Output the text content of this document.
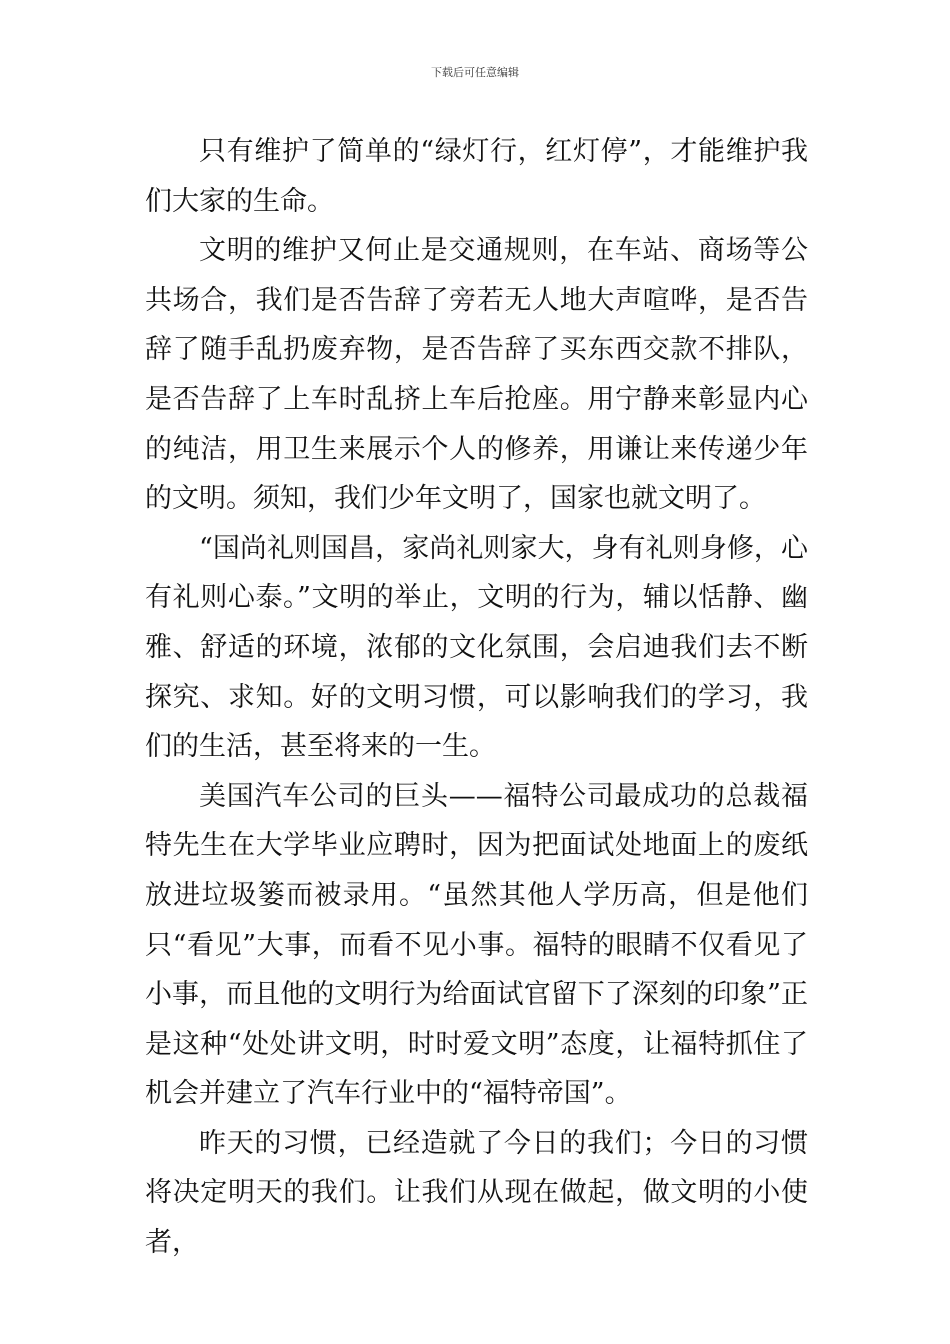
下载后可任意编辑

只有维护了简单的“绿灯行，红灯停”，才能维护我们大家的生命。

文明的维护又何止是交通规则，在车站、商场等公共场合，我们是否告辞了旁若无人地大声喧哗，是否告辞了随手乱扔废弃物，是否告辞了买东西交款不排队，是否告辞了上车时乱挤上车后抢座。用宁静来彰显内心的纯洁，用卫生来展示个人的修养，用谦让来传递少年的文明。须知，我们少年文明了，国家也就文明了。

“国尚礼则国昌，家尚礼则家大，身有礼则身修，心有礼则心泰。”文明的举止，文明的行为，辅以恬静、幽雅、舒适的环境，浓郁的文化氛围，会启迪我们去不断探究、求知。好的文明习惯，可以影响我们的学习，我们的生活，甚至将来的一生。

美国汽车公司的巨头——福特公司最成功的总裁福特先生在大学毕业应聘时，因为把面试处地面上的废纸放进垃圾篓而被录用。“虽然其他人学历高，但是他们只“看见”大事，而看不见小事。福特的眼睛不仅看见了小事，而且他的文明行为给面试官留下了深刻的印象”正是这种“处处讲文明，时时爱文明”态度，让福特抓住了机会并建立了汽车行业中的“福特帝国”。

昨天的习惯，已经造就了今日的我们；今日的习惯将决定明天的我们。让我们从现在做起，做文明的小使者，
